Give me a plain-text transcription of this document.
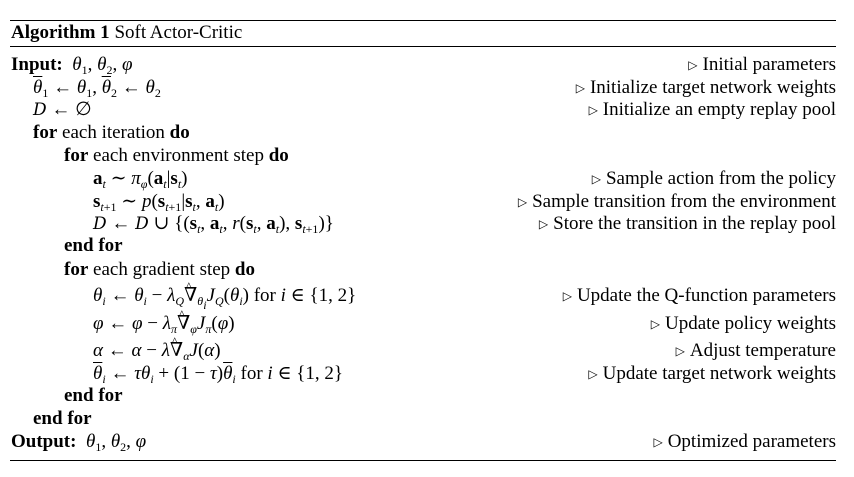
Algorithm 1 Soft Actor-Critic
Input: $\theta_1$, $\theta_2$, φ	▷ Initial parameters
$\overline{\theta}_1$ ← $\theta_1$, $\overline{\theta}_2$ ← $\theta_2$	▷ Initialize target network weights
D ← ∅	▷ Initialize an empty replay pool
for each iteration do
for each environment step do
$a_t$ ∼ $\pi_\varphi(a_t|s_t)$	▷ Sample action from the policy
$s_{t+1}$ ∼ $p(s_{t+1}|s_t$, $a_t$)	▷ Sample transition from the environment
D ← D ∪ {($s_t$, $a_t$, $r(s_t$, $a_t$), $s_{t+1}$)}	▷ Store the transition in the replay pool
end for
for each gradient step do
$\theta_i$ ← $\theta_i$ − $\lambda_Q\^{}$ $\nabla_{\theta_i}J_Q(\theta_i)$ for i ∈ {1, 2}	▷ Update the Q-function parameters
φ ← $\varphi - \lambda_\pi\^{}$ $\nabla_\varphi J_\pi(\varphi)$	▷ Update policy weights
α ← α − λ^ $\nabla_\alpha J(\alpha)$	▷ Adjust temperature
$\overline{\theta}_i$ ← $\tau\theta_i + (1 - \tau)\overline{\theta}_i$ for i ∈ {1, 2}	▷ Update target network weights
end for
end for
Output: $\theta_1$, $\theta_2$, φ	▷ Optimized parameters
